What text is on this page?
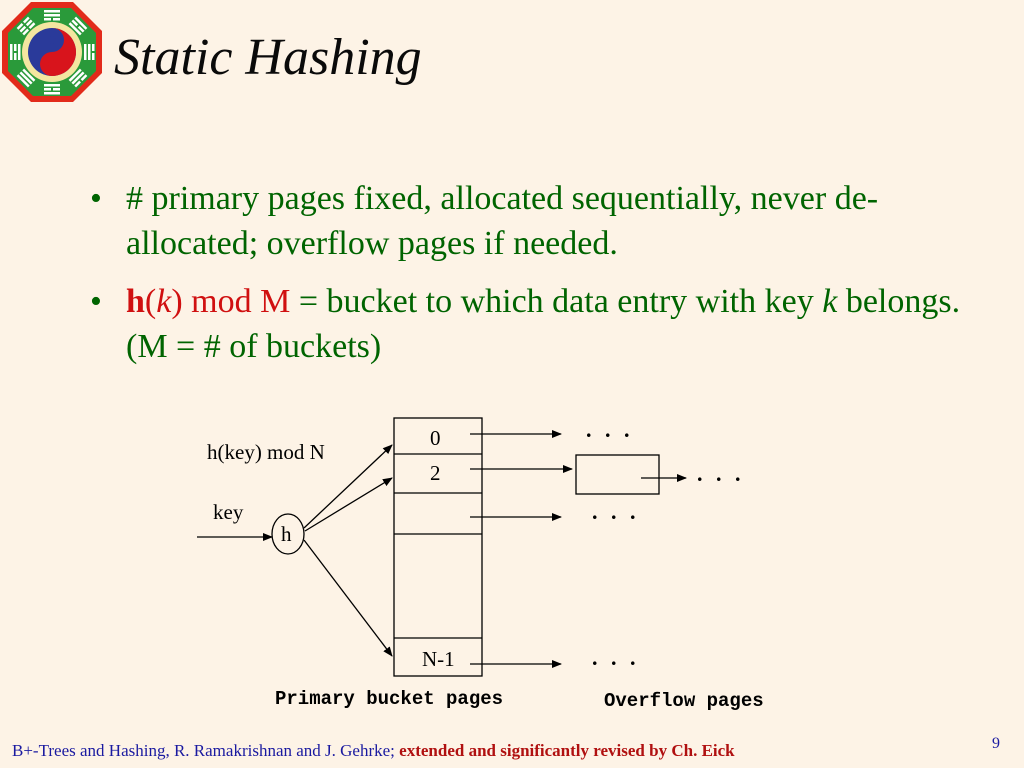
Static Hashing
• # primary pages fixed, allocated sequentially, never de-allocated; overflow pages if needed.
• h(k) mod M = bucket to which data entry with key k belongs. (M = # of buckets)
h(key) mod N
key
h
0
2
N-1
. . .
. . .
. . .
. . .
Primary bucket pages	Overflow pages
B+-Trees and Hashing, R. Ramakrishnan and J. Gehrke; extended and significantly revised by Ch. Eick	9
